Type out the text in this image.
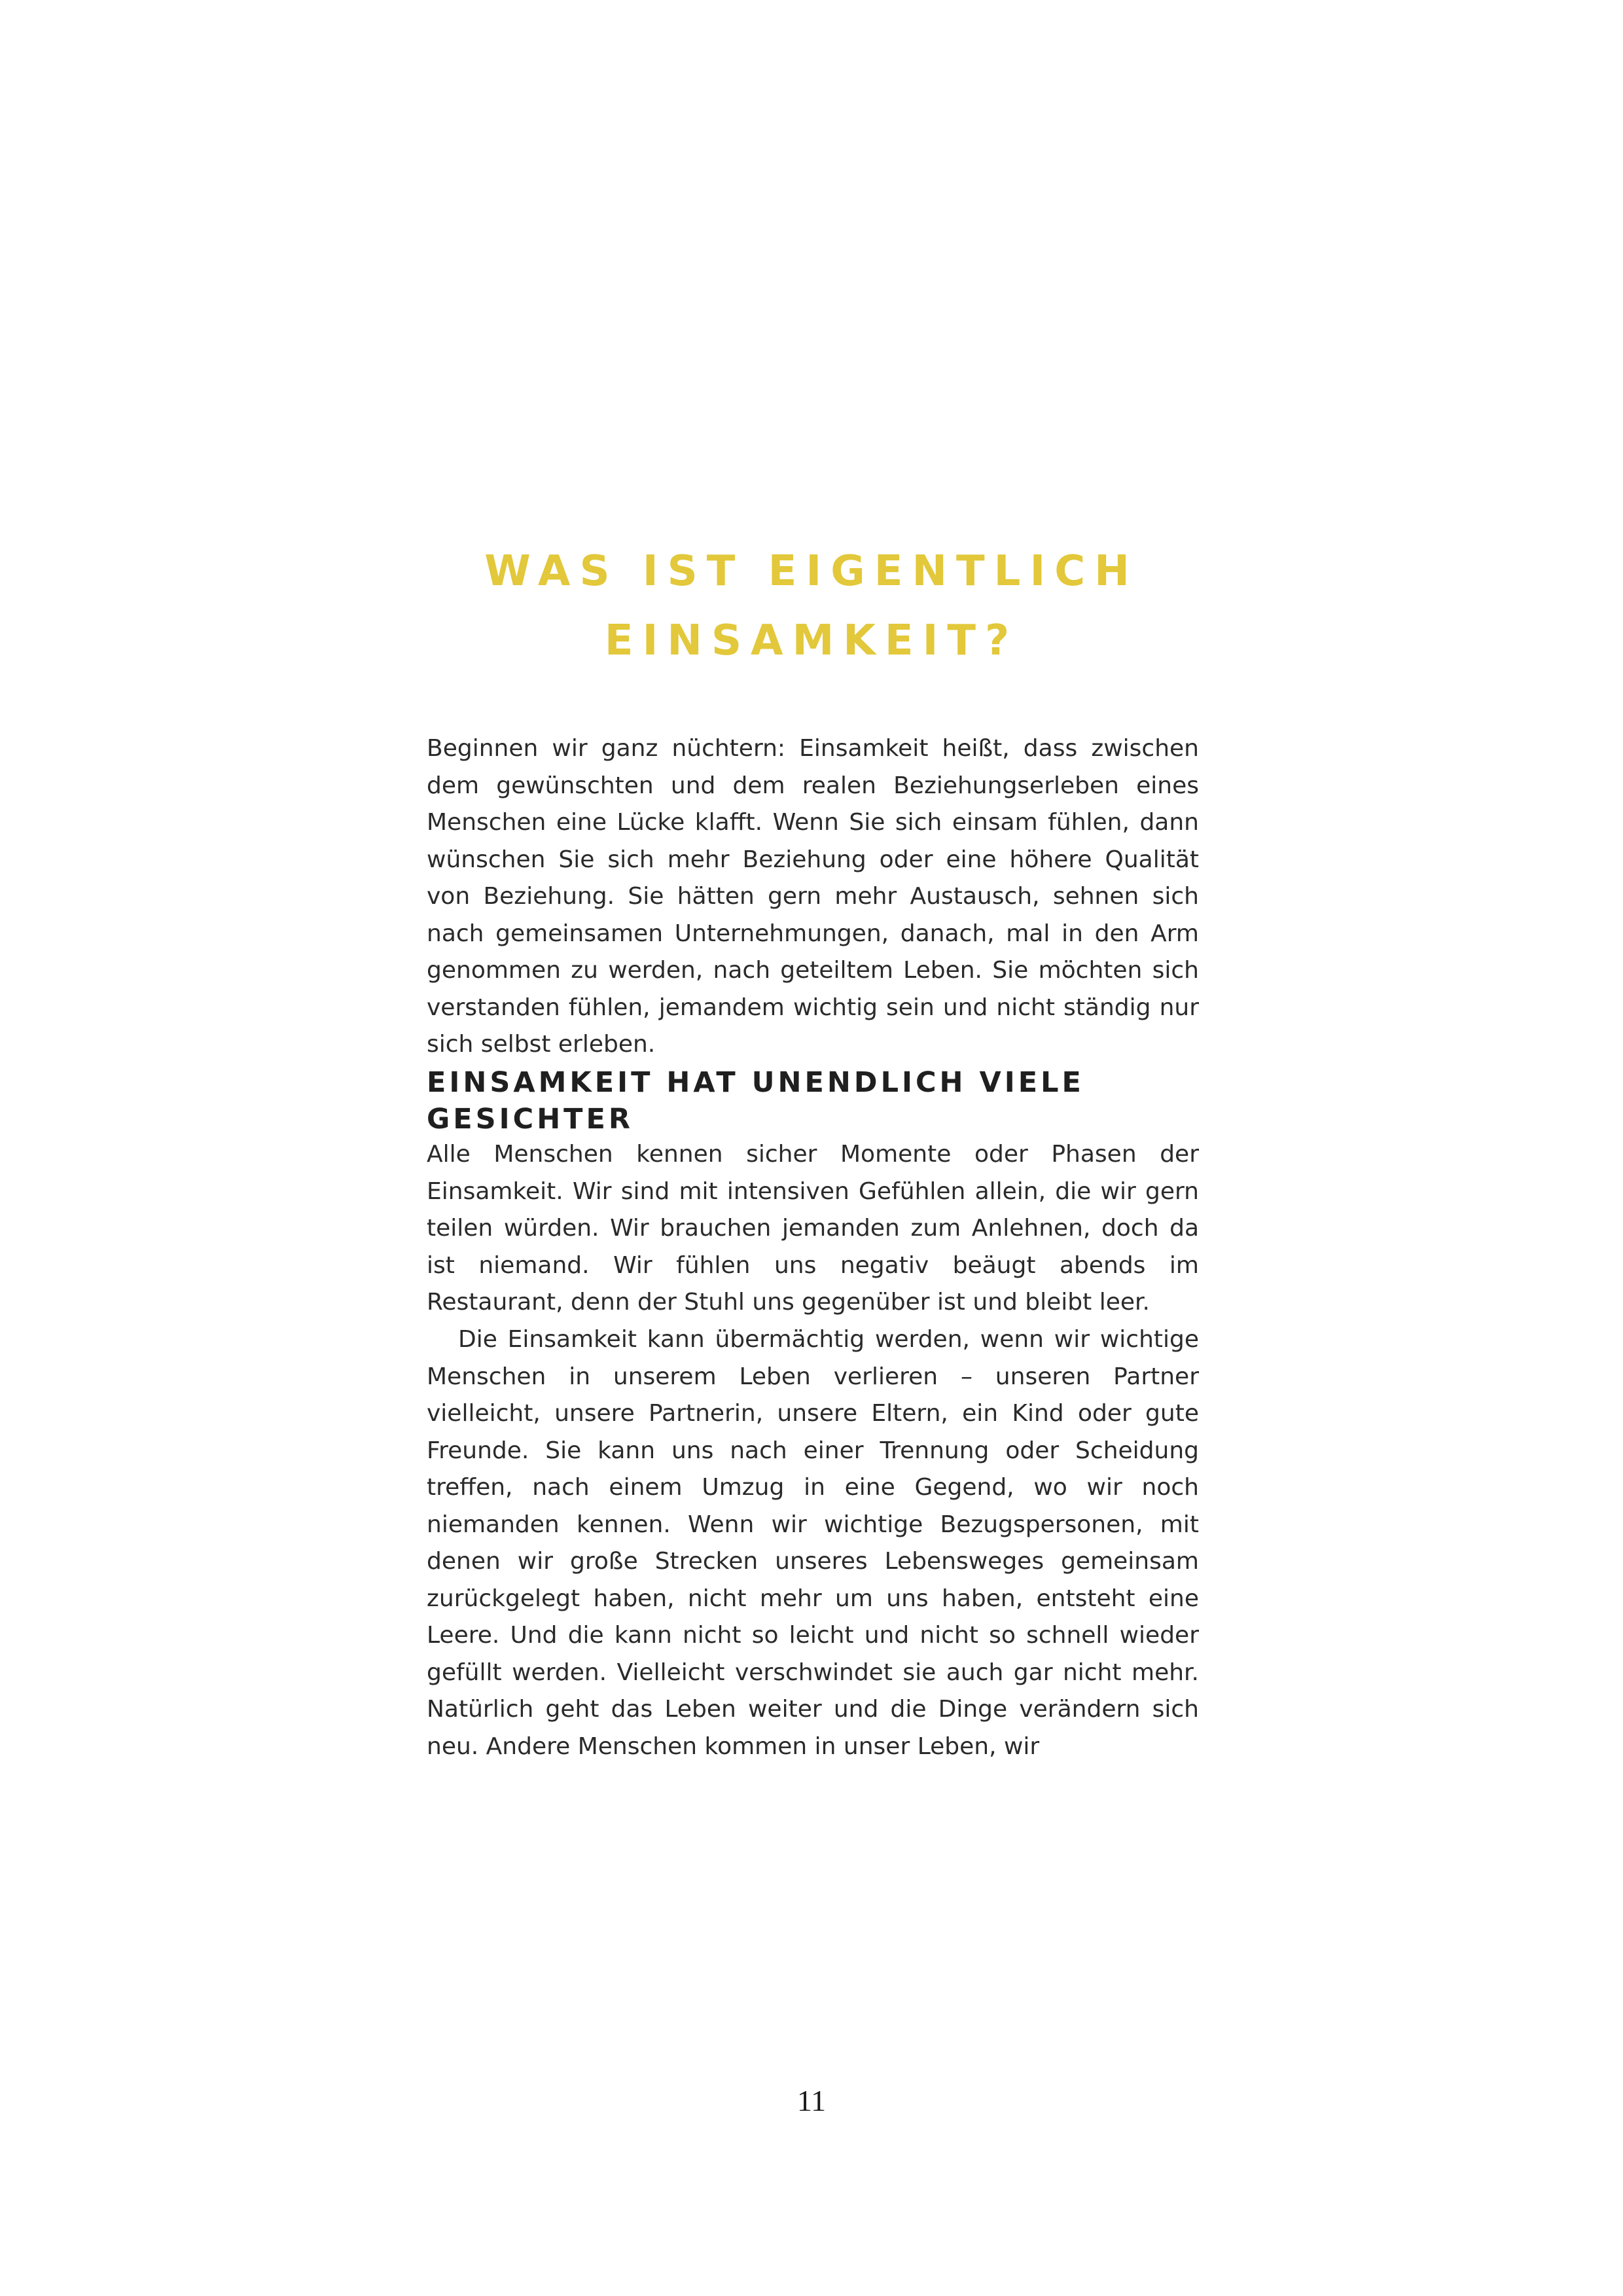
WAS IST EIGENTLICH
EINSAMKEIT?

Beginnen wir ganz nüchtern: Einsamkeit heißt, dass zwischen dem gewünschten und dem realen Beziehungserleben eines Menschen eine Lücke klafft. Wenn Sie sich einsam fühlen, dann wünschen Sie sich mehr Beziehung oder eine höhere Qualität von Beziehung. Sie hätten gern mehr Austausch, sehnen sich nach gemeinsamen Unternehmungen, danach, mal in den Arm genommen zu werden, nach geteiltem Leben. Sie möchten sich verstanden fühlen, jemandem wichtig sein und nicht ständig nur sich selbst erleben.

EINSAMKEIT HAT UNENDLICH VIELE
GESICHTER

Alle Menschen kennen sicher Momente oder Phasen der Einsamkeit. Wir sind mit intensiven Gefühlen allein, die wir gern teilen würden. Wir brauchen jemanden zum Anlehnen, doch da ist niemand. Wir fühlen uns negativ beäugt abends im Restaurant, denn der Stuhl uns gegenüber ist und bleibt leer.

Die Einsamkeit kann übermächtig werden, wenn wir wichtige Menschen in unserem Leben verlieren – unseren Partner vielleicht, unsere Partnerin, unsere Eltern, ein Kind oder gute Freunde. Sie kann uns nach einer Trennung oder Scheidung treffen, nach einem Umzug in eine Gegend, wo wir noch niemanden kennen. Wenn wir wichtige Bezugspersonen, mit denen wir große Strecken unseres Lebensweges gemeinsam zurückgelegt haben, nicht mehr um uns haben, entsteht eine Leere. Und die kann nicht so leicht und nicht so schnell wieder gefüllt werden. Vielleicht verschwindet sie auch gar nicht mehr. Natürlich geht das Leben weiter und die Dinge verändern sich neu. Andere Menschen kommen in unser Leben, wir

11
